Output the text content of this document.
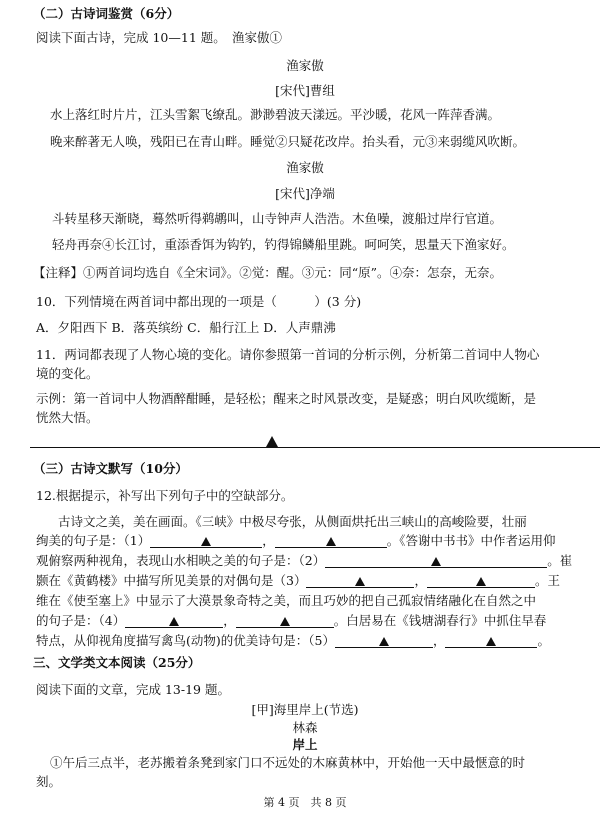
（二）古诗词鉴赏（6分）
阅读下面古诗，完成 10—11 题。　渔家傲①
渔家傲
[宋代]曹组
水上落红时片片，江头雪絮飞缭乱。渺渺碧波天漾远。平沙暖，花风一阵萍香满。
晚来醉著无人唤，残阳已在青山畔。睡觉②只疑花改岸。抬头看，元③来弱缆风吹断。
渔家傲
[宋代]净端
斗转星移天渐晓，蓦然听得鹈鹕叫，山寺钟声人浩浩。木鱼噪，渡船过岸行官道。
轻舟再奈④长江讨，重添香饵为钩钓，钓得锦鳞船里跳。呵呵笑，思量天下渔家好。
【注释】①两首词均选自《全宋词》。②觉：醒。③元：同“原”。④奈：怎奈，无奈。
10．下列情境在两首词中都出现的一项是（　　　）(3 分)
A．夕阳西下 B．落英缤纷 C．船行江上 D．人声鼎沸
11．两词都表现了人物心境的变化。请你参照第一首词的分析示例，分析第二首词中人物心
境的变化。
示例：第一首词中人物酒醉酣睡，是轻松；醒来之时风景改变，是疑惑；明白风吹缆断，是
恍然大悟。
（三）古诗文默写（10分）
12.根据提示，补写出下列句子中的空缺部分。
古诗文之美，美在画面。《三峡》中极尽夸张，从侧面烘托出三峡山的高峻险要，壮丽
绚美的句子是：（1）	，	。《答谢中书书》中作者运用仰
观俯察两种视角，表现山水相映之美的句子是：（2）	。崔
颢在《黄鹤楼》中描写所见美景的对偶句是（3）	，	。王
维在《使至塞上》中显示了大漠景象奇特之美，而且巧妙的把自己孤寂情绪融化在自然之中
的句子是：（4）	，	。白居易在《钱塘湖春行》中抓住早春
特点，从仰视角度描写禽鸟(动物)的优美诗句是：（5）	，	。
三、文学类文本阅读（25分）
阅读下面的文章，完成 13-19 题。
[甲]海里岸上(节选)
林森
岸上
①午后三点半，老苏搬着条凳到家门口不远处的木麻黄林中，开始他一天中最惬意的时
刻。
第 4 页　共 8 页
